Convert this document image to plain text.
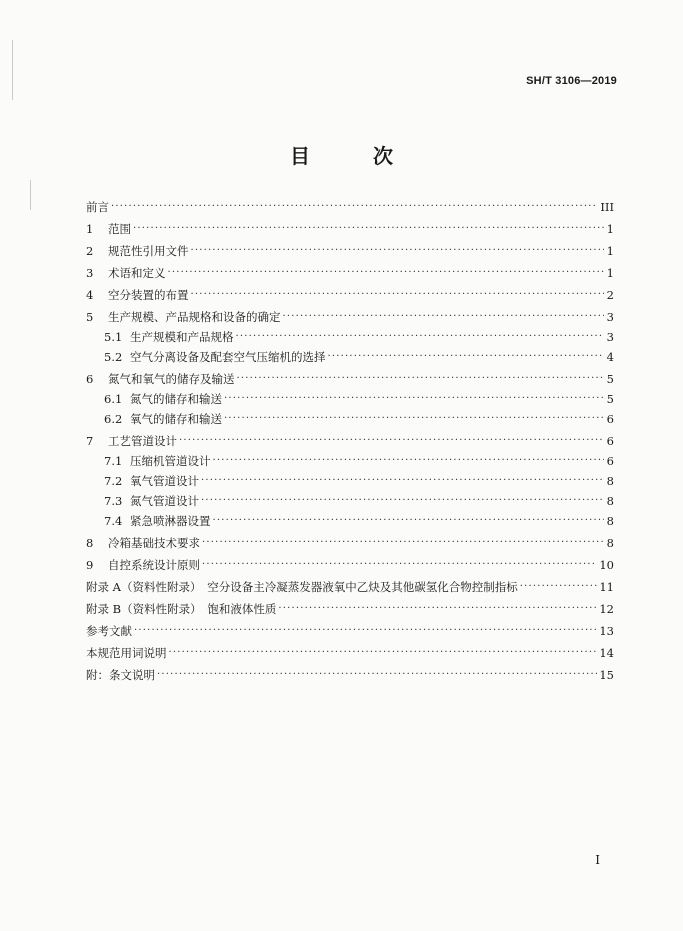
SH/T 3106—2019
目 次
前言 ·····	III
1	范围 ·····	1
2	规范性引用文件 ·····	1
3	术语和定义 ·····	1
4	空分装置的布置 ·····	2
5	生产规模、产品规格和设备的确定 ·····	3
5.1 生产规模和产品规格 ·····	3
5.2 空气分离设备及配套空气压缩机的选择 ·····	4
6	氮气和氧气的储存及输送 ·····	5
6.1 氮气的储存和输送 ·····	5
6.2 氧气的储存和输送 ·····	6
7	工艺管道设计 ·····	6
7.1 压缩机管道设计 ·····	6
7.2 氧气管道设计 ·····	8
7.3 氮气管道设计 ·····	8
7.4 紧急喷淋器设置 ·····	8
8	冷箱基础技术要求 ·····	8
9	自控系统设计原则 ·····	10
附录 A（资料性附录）　空分设备主冷凝蒸发器液氧中乙炔及其他碳氢化合物控制指标 ·····	11
附录 B（资料性附录）　饱和液体性质 ·····	12
参考文献 ·····	13
本规范用词说明 ·····	14
附：条文说明 ·····	15
I
